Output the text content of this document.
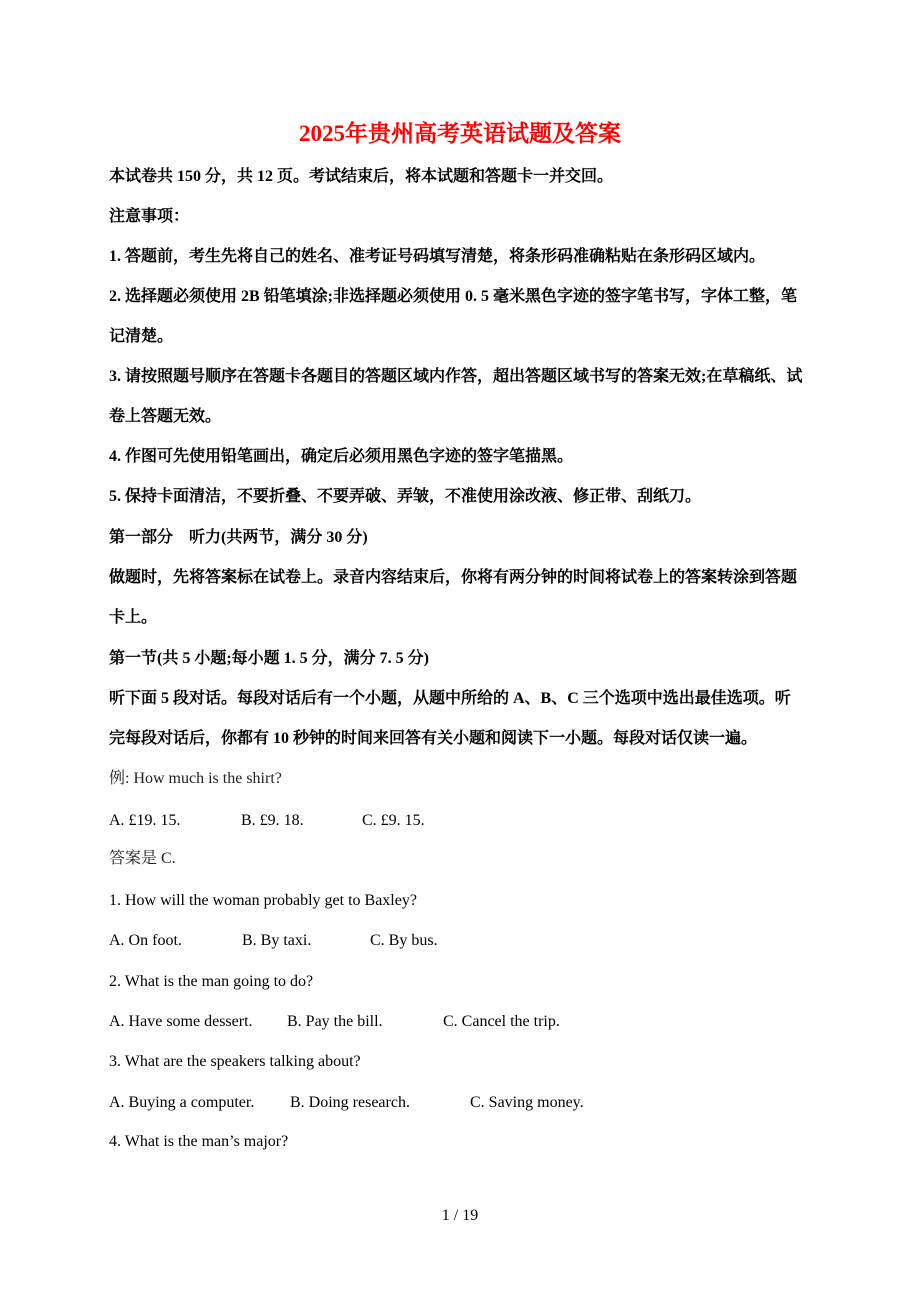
2025年贵州高考英语试题及答案
本试卷共 150 分，共 12 页。考试结束后，将本试题和答题卡一并交回。
注意事项：
1. 答题前，考生先将自己的姓名、准考证号码填写清楚，将条形码准确粘贴在条形码区域内。
2. 选择题必须使用 2B 铅笔填涂;非选择题必须使用 0. 5 毫米黑色字迹的签字笔书写，字体工整，笔
记清楚。
3. 请按照题号顺序在答题卡各题目的答题区域内作答，超出答题区域书写的答案无效;在草稿纸、试
卷上答题无效。
4. 作图可先使用铅笔画出，确定后必须用黑色字迹的签字笔描黑。
5. 保持卡面清洁，不要折叠、不要弄破、弄皱，不准使用涂改液、修正带、刮纸刀。
第一部分　听力(共两节，满分 30 分)
做题时，先将答案标在试卷上。录音内容结束后，你将有两分钟的时间将试卷上的答案转涂到答题
卡上。
第一节(共 5 小题;每小题 1. 5 分，满分 7. 5 分)
听下面 5 段对话。每段对话后有一个小题，从题中所给的 A、B、C 三个选项中选出最佳选项。听
完每段对话后，你都有 10 秒钟的时间来回答有关小题和阅读下一小题。每段对话仅读一遍。
例: How much is the shirt?
A. £19. 15.	B. £9. 18.	C. £9. 15.
答案是 C.
1. How will the woman probably get to Baxley?
A. On foot.	B. By taxi.	C. By bus.
2. What is the man going to do?
A. Have some dessert. B. Pay the bill.	C. Cancel the trip.
3. What are the speakers talking about?
A. Buying a computer. B. Doing research.	C. Saving money.
4. What is the man’s major?
1 / 19
